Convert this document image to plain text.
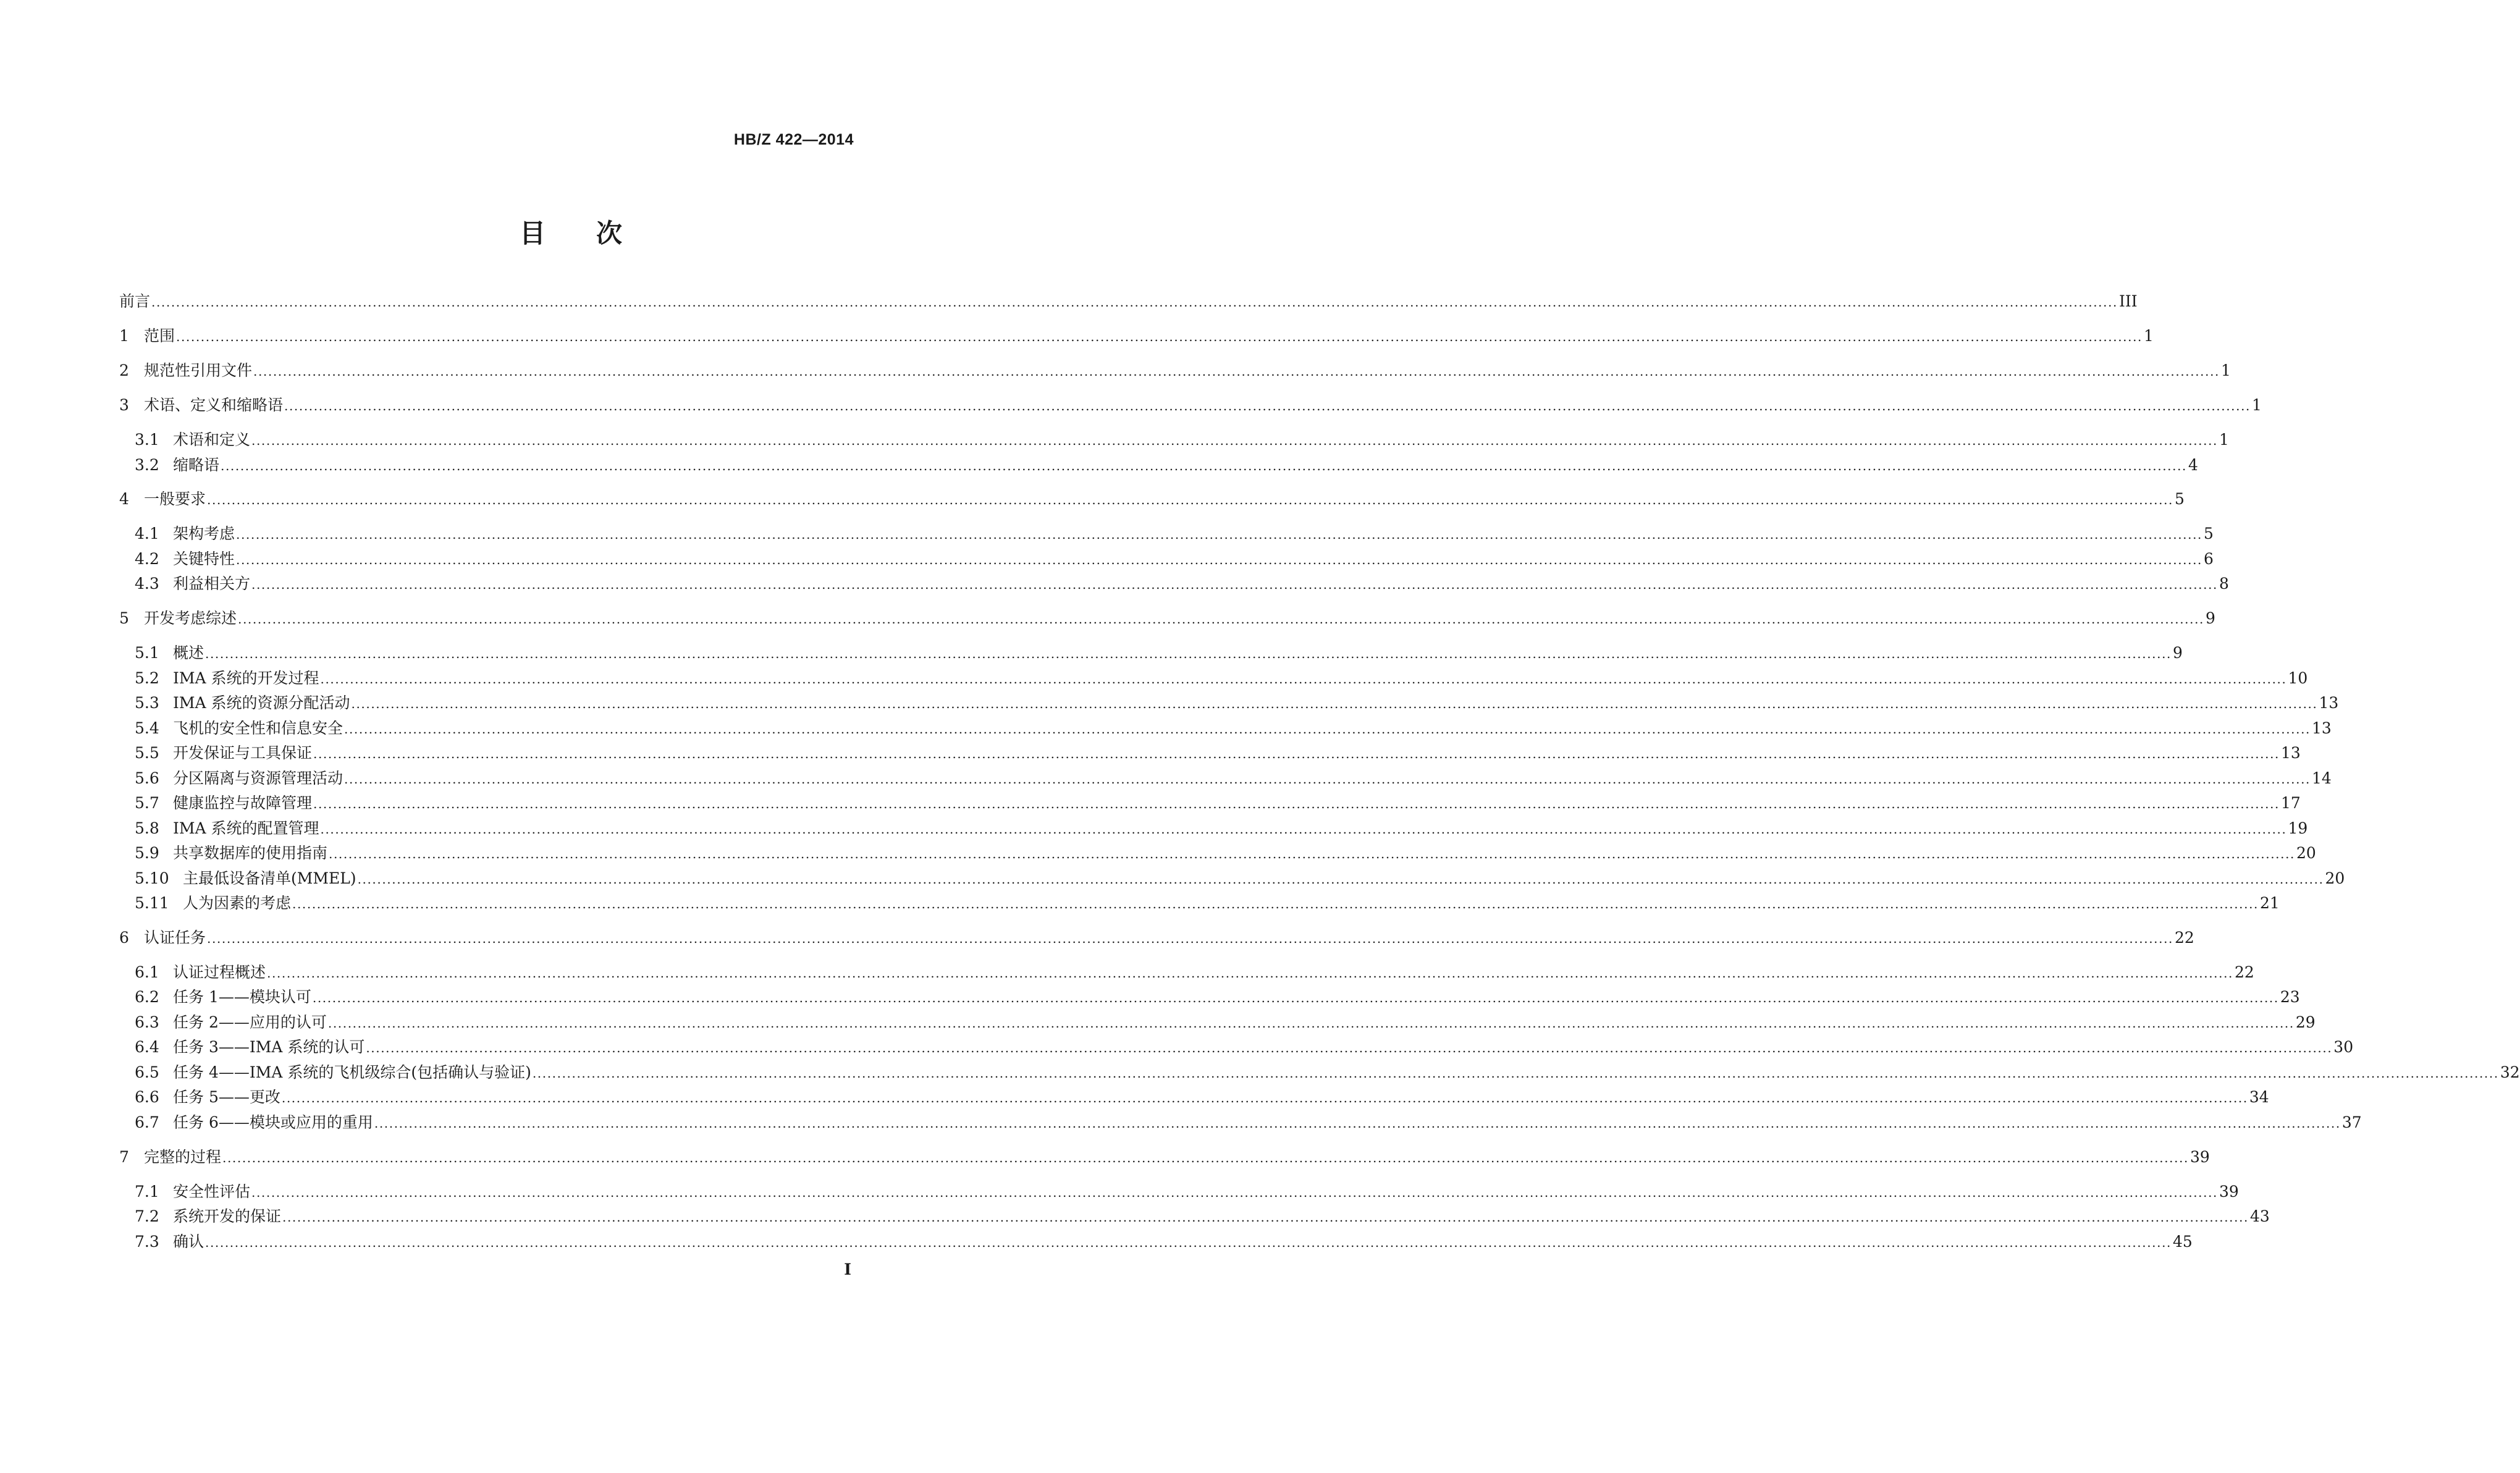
HB/Z 422—2014
目 次
前言 ................................................................................................................................................................................................................................................................................................................................................................................................................ III
1 范围 ................................................................................................................................................................................................................................................................................................................................................................................................................ 1
2 规范性引用文件 ................................................................................................................................................................................................................................................................................................................................................................................................................ 1
3 术语、定义和缩略语 ................................................................................................................................................................................................................................................................................................................................................................................................................ 1
3.1 术语和定义 ................................................................................................................................................................................................................................................................................................................................................................................................................ 1
3.2 缩略语 ................................................................................................................................................................................................................................................................................................................................................................................................................ 4
4 一般要求 ................................................................................................................................................................................................................................................................................................................................................................................................................ 5
4.1 架构考虑 ................................................................................................................................................................................................................................................................................................................................................................................................................ 5
4.2 关键特性 ................................................................................................................................................................................................................................................................................................................................................................................................................ 6
4.3 利益相关方 ................................................................................................................................................................................................................................................................................................................................................................................................................ 8
5 开发考虑综述 ................................................................................................................................................................................................................................................................................................................................................................................................................ 9
5.1 概述 ................................................................................................................................................................................................................................................................................................................................................................................................................ 9
5.2 IMA 系统的开发过程 ................................................................................................................................................................................................................................................................................................................................................................................................................ 10
5.3 IMA 系统的资源分配活动 ................................................................................................................................................................................................................................................................................................................................................................................................................ 13
5.4 飞机的安全性和信息安全 ................................................................................................................................................................................................................................................................................................................................................................................................................ 13
5.5 开发保证与工具保证 ................................................................................................................................................................................................................................................................................................................................................................................................................ 13
5.6 分区隔离与资源管理活动 ................................................................................................................................................................................................................................................................................................................................................................................................................ 14
5.7 健康监控与故障管理 ................................................................................................................................................................................................................................................................................................................................................................................................................ 17
5.8 IMA 系统的配置管理 ................................................................................................................................................................................................................................................................................................................................................................................................................ 19
5.9 共享数据库的使用指南 ................................................................................................................................................................................................................................................................................................................................................................................................................ 20
5.10 主最低设备清单(MMEL) ................................................................................................................................................................................................................................................................................................................................................................................................................ 20
5.11 人为因素的考虑 ................................................................................................................................................................................................................................................................................................................................................................................................................ 21
6 认证任务 ................................................................................................................................................................................................................................................................................................................................................................................................................ 22
6.1 认证过程概述 ................................................................................................................................................................................................................................................................................................................................................................................................................ 22
6.2 任务 1——模块认可 ................................................................................................................................................................................................................................................................................................................................................................................................................ 23
6.3 任务 2——应用的认可 ................................................................................................................................................................................................................................................................................................................................................................................................................ 29
6.4 任务 3——IMA 系统的认可 ................................................................................................................................................................................................................................................................................................................................................................................................................ 30
6.5 任务 4——IMA 系统的飞机级综合(包括确认与验证) ................................................................................................................................................................................................................................................................................................................................................................................................................ 32
6.6 任务 5——更改 ................................................................................................................................................................................................................................................................................................................................................................................................................ 34
6.7 任务 6——模块或应用的重用 ................................................................................................................................................................................................................................................................................................................................................................................................................ 37
7 完整的过程 ................................................................................................................................................................................................................................................................................................................................................................................................................ 39
7.1 安全性评估 ................................................................................................................................................................................................................................................................................................................................................................................................................ 39
7.2 系统开发的保证 ................................................................................................................................................................................................................................................................................................................................................................................................................ 43
7.3 确认 ................................................................................................................................................................................................................................................................................................................................................................................................................ 45
I
